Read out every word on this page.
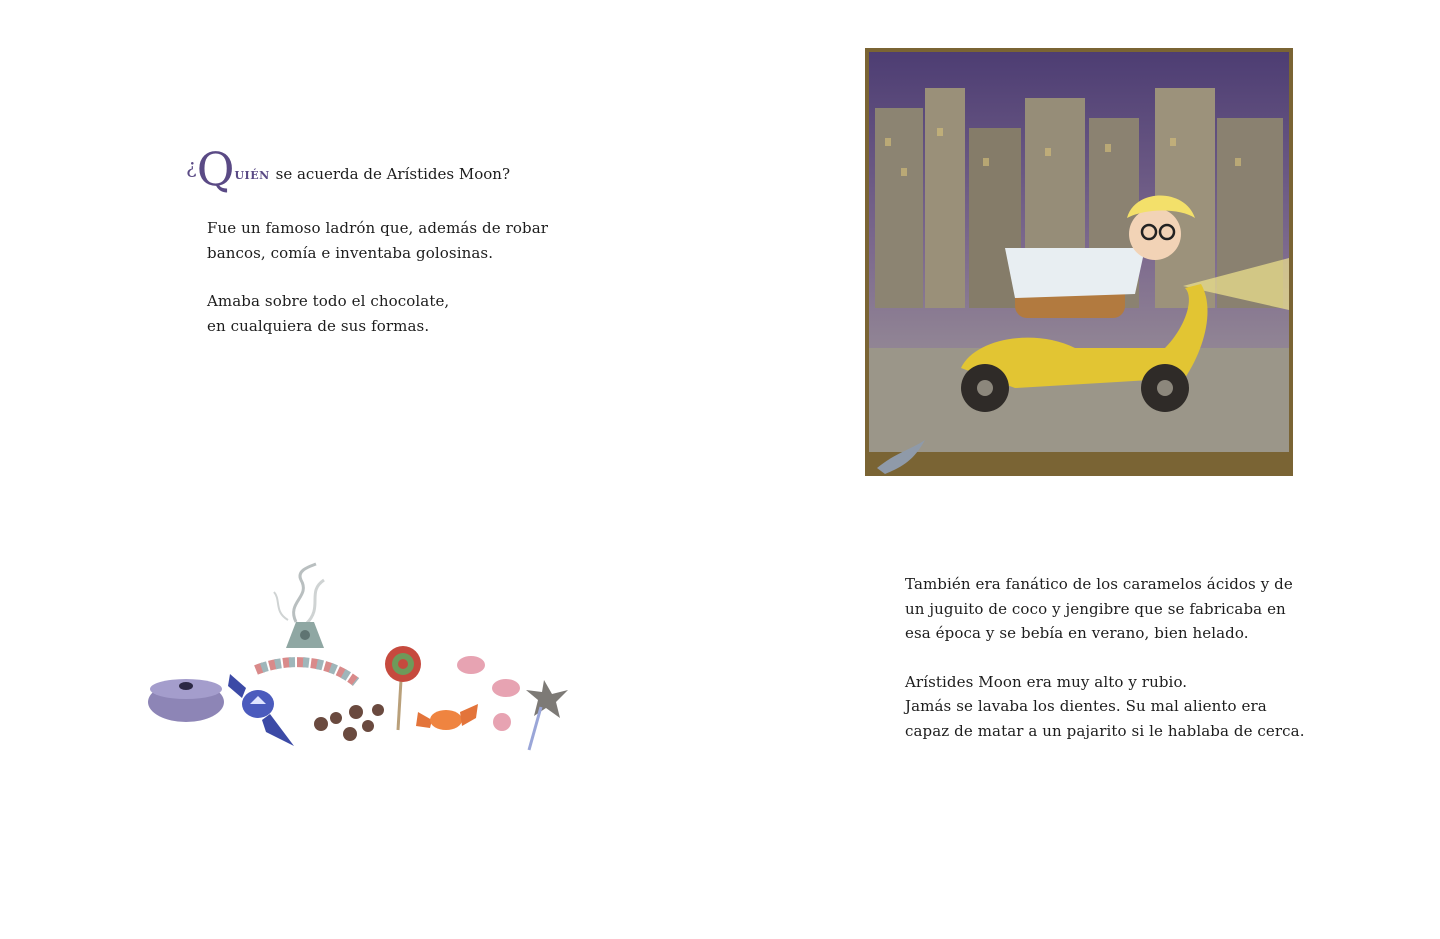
¿QUIÉN se acuerda de Arístides Moon?

Fue un famoso ladrón que, además de robar
bancos, comía e inventaba golosinas.

Amaba sobre todo el chocolate,
en cualquiera de sus formas.

También era fanático de los caramelos ácidos y de
un juguito de coco y jengibre que se fabricaba en
esa época y se bebía en verano, bien helado.

Arístides Moon era muy alto y rubio.
Jamás se lavaba los dientes. Su mal aliento era
capaz de matar a un pajarito si le hablaba de cerca.
